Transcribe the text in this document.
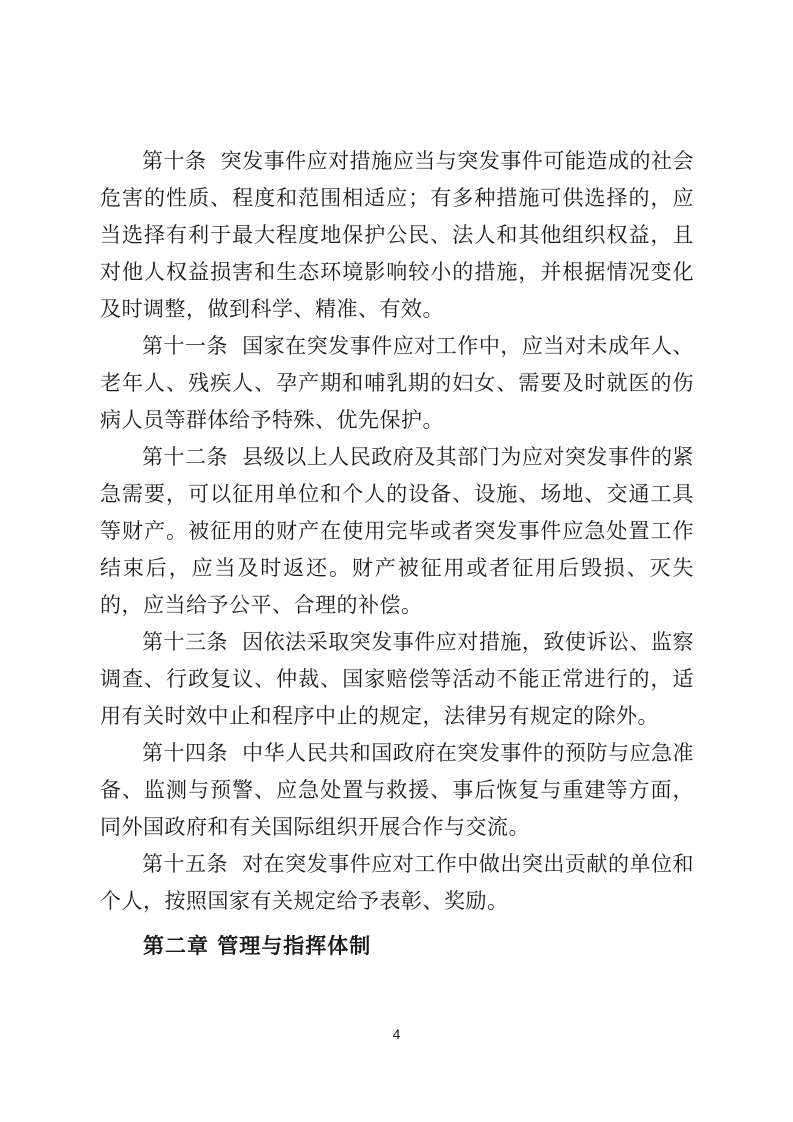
第十条 突发事件应对措施应当与突发事件可能造成的社会危害的性质、程度和范围相适应；有多种措施可供选择的，应当选择有利于最大程度地保护公民、法人和其他组织权益，且对他人权益损害和生态环境影响较小的措施，并根据情况变化及时调整，做到科学、精准、有效。

第十一条 国家在突发事件应对工作中，应当对未成年人、老年人、残疾人、孕产期和哺乳期的妇女、需要及时就医的伤病人员等群体给予特殊、优先保护。

第十二条 县级以上人民政府及其部门为应对突发事件的紧急需要，可以征用单位和个人的设备、设施、场地、交通工具等财产。被征用的财产在使用完毕或者突发事件应急处置工作结束后，应当及时返还。财产被征用或者征用后毁损、灭失的，应当给予公平、合理的补偿。

第十三条 因依法采取突发事件应对措施，致使诉讼、监察调查、行政复议、仲裁、国家赔偿等活动不能正常进行的，适用有关时效中止和程序中止的规定，法律另有规定的除外。

第十四条 中华人民共和国政府在突发事件的预防与应急准备、监测与预警、应急处置与救援、事后恢复与重建等方面，同外国政府和有关国际组织开展合作与交流。

第十五条 对在突发事件应对工作中做出突出贡献的单位和个人，按照国家有关规定给予表彰、奖励。

第二章 管理与指挥体制
4
